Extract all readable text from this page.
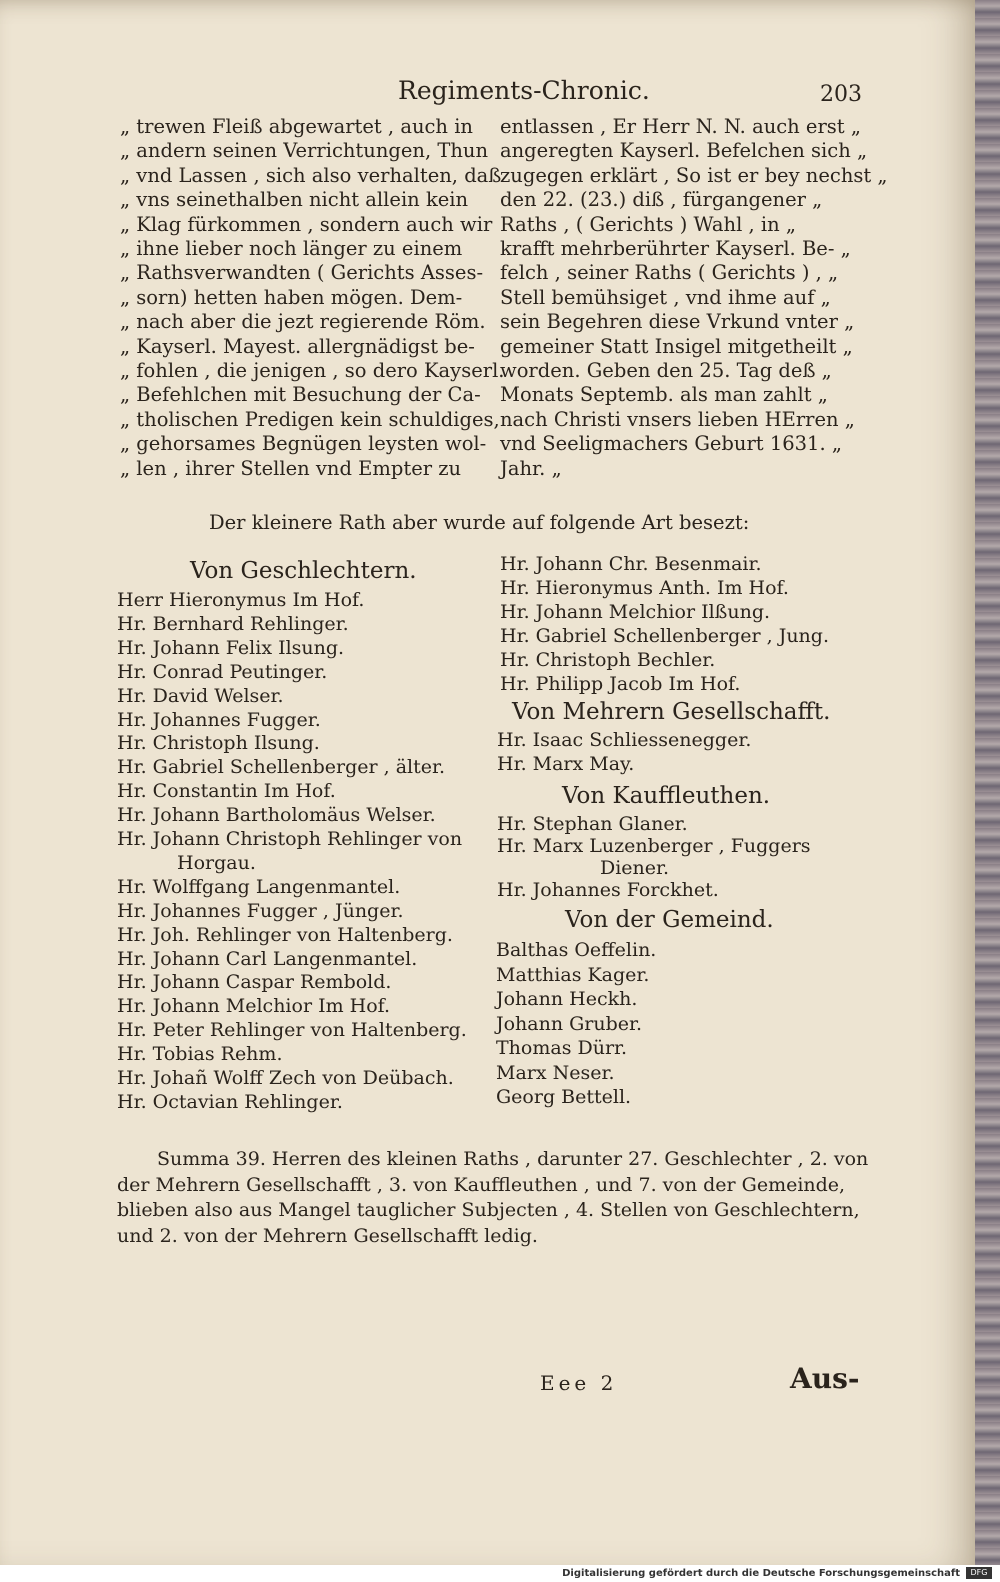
Regiments-Chronic.	203
„ trewen Fleiß abgewartet , auch in
„ andern seinen Verrichtungen, Thun
„ vnd Lassen , sich also verhalten, daß
„ vns seinethalben nicht allein kein
„ Klag fürkommen , sondern auch wir
„ ihne lieber noch länger zu einem
„ Rathsverwandten ( Gerichts Asses-
„ sorn) hetten haben mögen. Dem-
„ nach aber die jezt regierende Röm.
„ Kayserl. Mayest. allergnädigst be-
„ fohlen , die jenigen , so dero Kayserl.
„ Befehlchen mit Besuchung der Ca-
„ tholischen Predigen kein schuldiges,
„ gehorsames Begnügen leysten wol-
„ len , ihrer Stellen vnd Empter zu
entlassen , Er Herr N. N. auch erst „
angeregten Kayserl. Befelchen sich „
zugegen erklärt , So ist er bey nechst „
den 22. (23.) diß , fürgangener „
Raths , ( Gerichts ) Wahl , in „
krafft mehrberührter Kayserl. Be- „
felch , seiner Raths ( Gerichts ) , „
Stell bemühsiget , vnd ihme auf „
sein Begehren diese Vrkund vnter „
gemeiner Statt Insigel mitgetheilt „
worden. Geben den 25. Tag deß „
Monats Septemb. als man zahlt „
nach Christi vnsers lieben HErren „
vnd Seeligmachers Geburt 1631. „
Jahr. „
Der kleinere Rath aber wurde auf folgende Art besezt:
Von Geschlechtern.
Herr Hieronymus Im Hof.
Hr. Bernhard Rehlinger.
Hr. Johann Felix Ilsung.
Hr. Conrad Peutinger.
Hr. David Welser.
Hr. Johannes Fugger.
Hr. Christoph Ilsung.
Hr. Gabriel Schellenberger , älter.
Hr. Constantin Im Hof.
Hr. Johann Bartholomäus Welser.
Hr. Johann Christoph Rehlinger von
Horgau.
Hr. Wolffgang Langenmantel.
Hr. Johannes Fugger , Jünger.
Hr. Joh. Rehlinger von Haltenberg.
Hr. Johann Carl Langenmantel.
Hr. Johann Caspar Rembold.
Hr. Johann Melchior Im Hof.
Hr. Peter Rehlinger von Haltenberg.
Hr. Tobias Rehm.
Hr. Johañ Wolff Zech von Deübach.
Hr. Octavian Rehlinger.
Hr. Johann Chr. Besenmair.
Hr. Hieronymus Anth. Im Hof.
Hr. Johann Melchior Ilßung.
Hr. Gabriel Schellenberger , Jung.
Hr. Christoph Bechler.
Hr. Philipp Jacob Im Hof.
Von Mehrern Gesellschafft.
Hr. Isaac Schliessenegger.
Hr. Marx May.
Von Kauffleuthen.
Hr. Stephan Glaner.
Hr. Marx Luzenberger , Fuggers
Diener.
Hr. Johannes Forckhet.
Von der Gemeind.
Balthas Oeffelin.
Matthias Kager.
Johann Heckh.
Johann Gruber.
Thomas Dürr.
Marx Neser.
Georg Bettell.
Summa 39. Herren des kleinen Raths , darunter 27. Geschlechter , 2. von
der Mehrern Gesellschafft , 3. von Kauffleuthen , und 7. von der Gemeinde,
blieben also aus Mangel tauglicher Subjecten , 4. Stellen von Geschlechtern,
und 2. von der Mehrern Gesellschafft ledig.
Eee 2	Aus-
Digitalisierung gefördert durch die Deutsche Forschungsgemeinschaft	DFG
